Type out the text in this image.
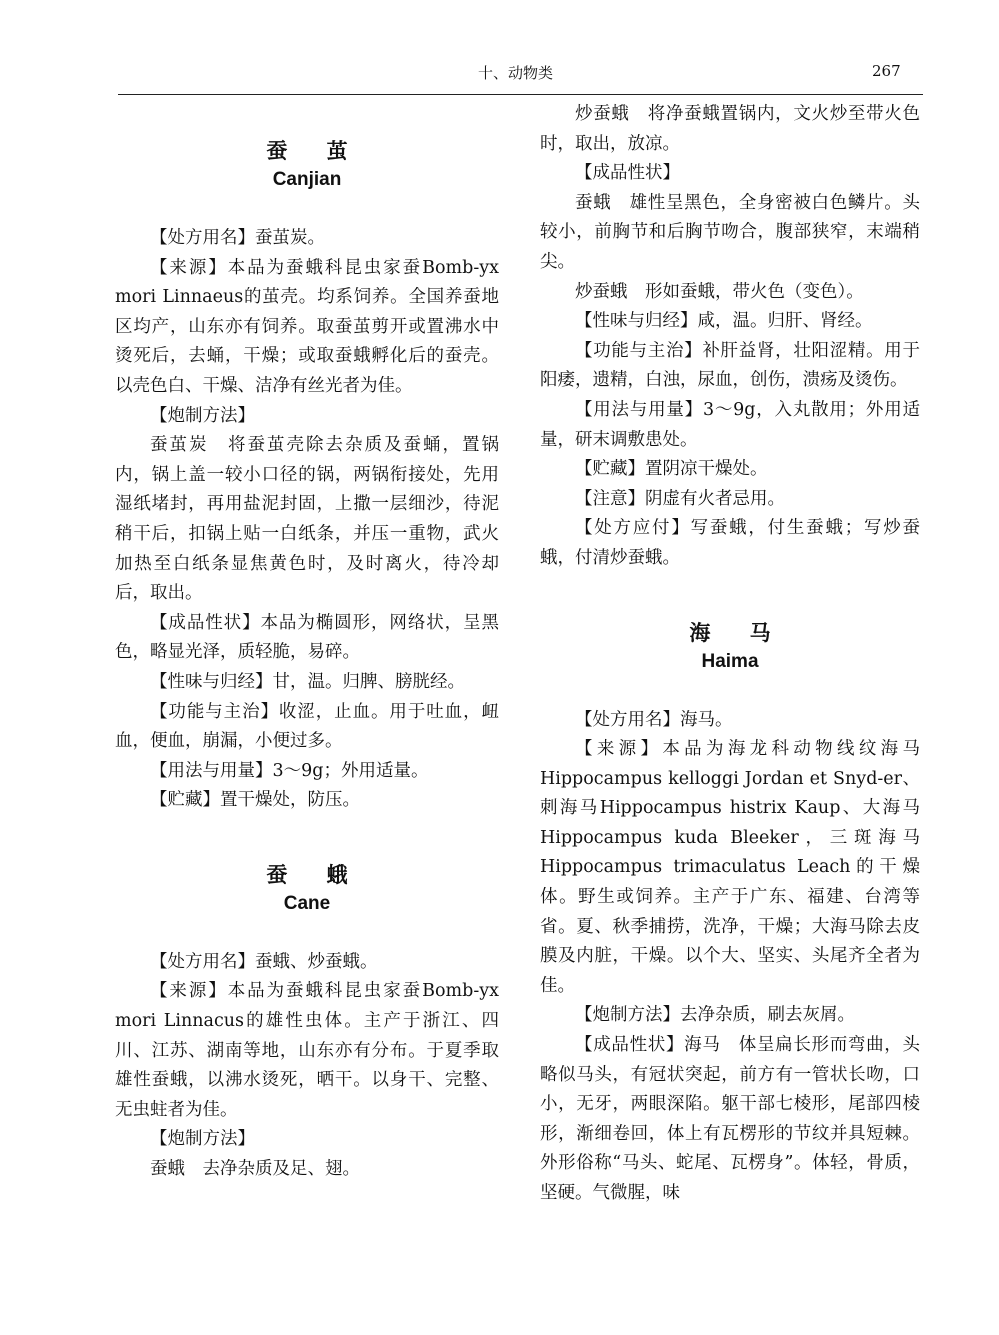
十、动物类	267

蚕 茧

Canjian

【处方用名】蚕茧炭。

【来源】本品为蚕蛾科昆虫家蚕Bomb-yx mori Linnaeus的茧壳。均系饲养。全国养蚕地区均产，山东亦有饲养。取蚕茧剪开或置沸水中烫死后，去蛹，干燥；或取蚕蛾孵化后的蚕壳。以壳色白、干燥、洁净有丝光者为佳。

【炮制方法】

蚕茧炭　将蚕茧壳除去杂质及蚕蛹，置锅内，锅上盖一较小口径的锅，两锅衔接处，先用湿纸堵封，再用盐泥封固，上撒一层细沙，待泥稍干后，扣锅上贴一白纸条，并压一重物，武火加热至白纸条显焦黄色时，及时离火，待冷却后，取出。

【成品性状】本品为椭圆形，网络状，呈黑色，略显光泽，质轻脆，易碎。

【性味与归经】甘，温。归脾、膀胱经。

【功能与主治】收涩，止血。用于吐血，衄血，便血，崩漏，小便过多。

【用法与用量】3～9g；外用适量。

【贮藏】置干燥处，防压。

蚕 蛾

Cane

【处方用名】蚕蛾、炒蚕蛾。

【来源】本品为蚕蛾科昆虫家蚕Bomb-yx mori Linnacus的雄性虫体。主产于浙江、四川、江苏、湖南等地，山东亦有分布。于夏季取雄性蚕蛾，以沸水烫死，晒干。以身干、完整、无虫蛀者为佳。

【炮制方法】

蚕蛾　去净杂质及足、翅。

炒蚕蛾　将净蚕蛾置锅内，文火炒至带火色时，取出，放凉。

【成品性状】

蚕蛾　雄性呈黑色，全身密被白色鳞片。头较小，前胸节和后胸节吻合，腹部狭窄，末端稍尖。

炒蚕蛾　形如蚕蛾，带火色（变色）。

【性味与归经】咸，温。归肝、肾经。

【功能与主治】补肝益肾，壮阳涩精。用于阳痿，遗精，白浊，尿血，创伤，溃疡及烫伤。

【用法与用量】3～9g，入丸散用；外用适量，研末调敷患处。

【贮藏】置阴凉干燥处。

【注意】阴虚有火者忌用。

【处方应付】写蚕蛾，付生蚕蛾；写炒蚕蛾，付清炒蚕蛾。

海 马

Haima

【处方用名】海马。

【来源】本品为海龙科动物线纹海马Hippocampus kelloggi Jordan et Snyd-er、刺海马Hippocampus histrix Kaup、大海马Hippocampus kuda Bleeker，三斑海马Hippocampus trimaculatus Leach的干燥体。野生或饲养。主产于广东、福建、台湾等省。夏、秋季捕捞，洗净，干燥；大海马除去皮膜及内脏，干燥。以个大、坚实、头尾齐全者为佳。

【炮制方法】去净杂质，刷去灰屑。

【成品性状】海马　体呈扁长形而弯曲，头略似马头，有冠状突起，前方有一管状长吻，口小，无牙，两眼深陷。躯干部七棱形，尾部四棱形，渐细卷回，体上有瓦楞形的节纹并具短棘。外形俗称“马头、蛇尾、瓦楞身”。体轻，骨质，坚硬。气微腥，味
